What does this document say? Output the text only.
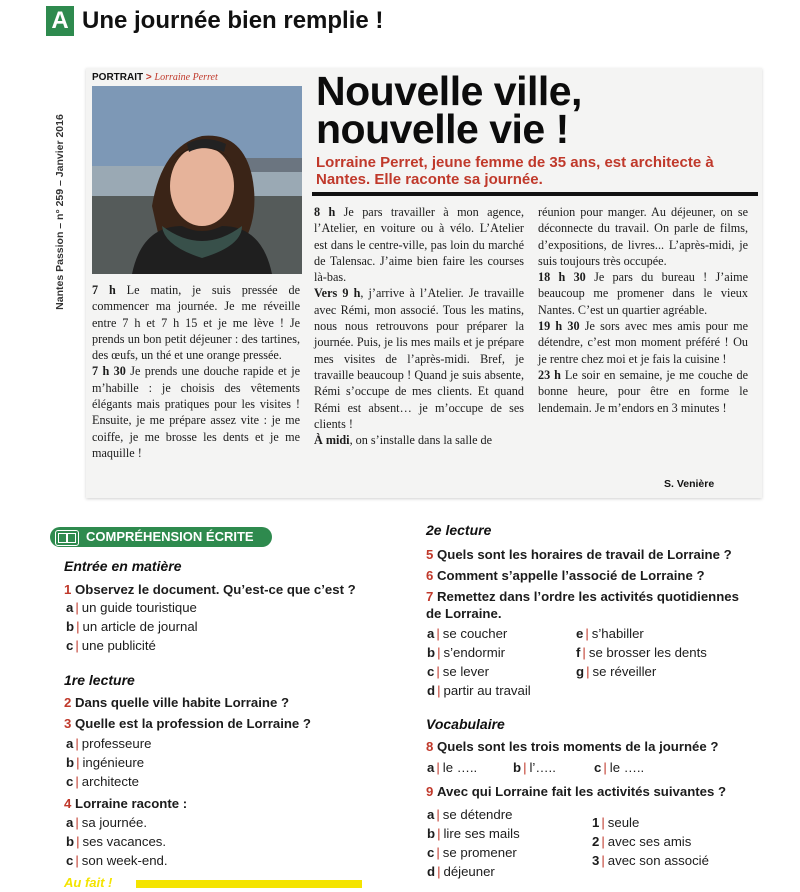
A Une journée bien remplie !
Nantes Passion – n° 259 – Janvier 2016
PORTRAIT > Lorraine Perret Nouvelle ville,
nouvelle vie !
Lorraine Perret, jeune femme de 35 ans, est architecte à Nantes. Elle raconte sa journée.

7 h Le matin, je suis pressée de commencer ma journée. Je me réveille entre 7 h et 7 h 15 et je me lève ! Je prends un bon petit déjeuner : des tartines, des œufs, un thé et une orange pressée.

7 h 30 Je prends une douche rapide et je m’habille : je choisis des vêtements élégants mais pratiques pour les visites ! Ensuite, je me prépare assez vite : je me coiffe, je me brosse les dents et je me maquille !

8 h Je pars travailler à mon agence, l’Atelier, en voiture ou à vélo. L’Atelier est dans le centre-ville, pas loin du marché de Talensac. J’aime bien faire les courses là-bas.

Vers 9 h, j’arrive à l’Atelier. Je travaille avec Rémi, mon associé. Tous les matins, nous nous retrouvons pour préparer la journée. Puis, je lis mes mails et je prépare mes visites de l’après-midi. Bref, je travaille beaucoup ! Quand je suis absente, Rémi s’occupe de mes clients. Et quand Rémi est absent… je m’occupe de ses clients !

À midi, on s’installe dans la salle de

réunion pour manger. Au déjeuner, on se déconnecte du travail. On parle de films, d’expositions, de livres... L’après-midi, je suis toujours très occupée.

18 h 30 Je pars du bureau ! J’aime beaucoup me promener dans le vieux Nantes. C’est un quartier agréable.

19 h 30 Je sors avec mes amis pour me détendre, c’est mon moment préféré ! Ou je rentre chez moi et je fais la cuisine !

23 h Le soir en semaine, je me couche de bonne heure, pour être en forme le lendemain. Je m’endors en 3 minutes !

S. Venière
COMPRÉHENSION ÉCRITE
Entrée en matière
1 Observez le document. Qu’est-ce que c’est ?
a | un guide touristique
b | un article de journal
c | une publicité
1re lecture
2 Dans quelle ville habite Lorraine ?
3 Quelle est la profession de Lorraine ?
a | professeure
b | ingénieure
c | architecte
4 Lorraine raconte :
a | sa journée.
b | ses vacances.
c | son week-end.
Au fait !
2e lecture
5 Quels sont les horaires de travail de Lorraine ?
6 Comment s’appelle l’associé de Lorraine ?
7 Remettez dans l’ordre les activités quotidiennes de Lorraine.
a | se coucher
b | s’endormir
c | se lever
d | partir au travail
e | s’habiller
f | se brosser les dents
g | se réveiller
Vocabulaire
8 Quels sont les trois moments de la journée ?
a | le …..	b | l’…..	c | le …..
9 Avec qui Lorraine fait les activités suivantes ?
a | se détendre
b | lire ses mails
c | se promener
d | déjeuner
1 | seule
2 | avec ses amis
3 | avec son associé
